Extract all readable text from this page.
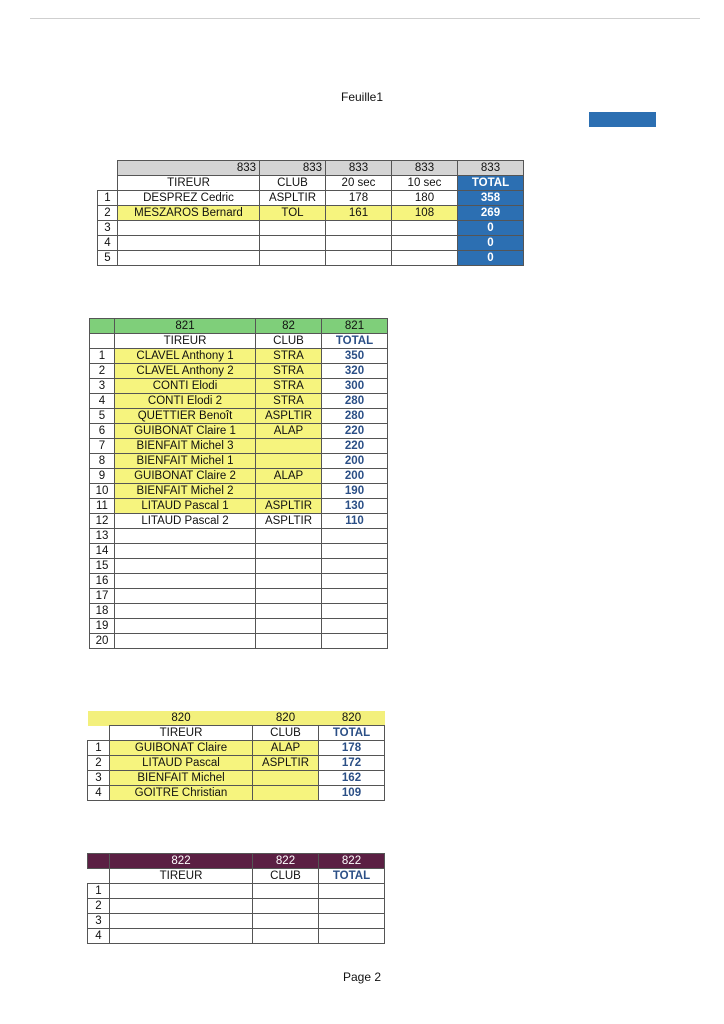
Feuille1
	833	833	833	833	833
	TIREUR	CLUB	20 sec	10 sec	TOTAL
1	DESPREZ Cedric	ASPLTIR	178	180	358
2	MESZAROS Bernard	TOL	161	108	269
3					0
4					0
5					0
	821	82	821
	TIREUR	CLUB	TOTAL
1	CLAVEL Anthony 1	STRA	350
2	CLAVEL Anthony 2	STRA	320
3	CONTI Elodi	STRA	300
4	CONTI Elodi 2	STRA	280
5	QUETTIER Benoît	ASPLTIR	280
6	GUIBONAT Claire 1	ALAP	220
7	BIENFAIT Michel 3		220
8	BIENFAIT Michel 1		200
9	GUIBONAT Claire 2	ALAP	200
10	BIENFAIT Michel 2		190
11	LITAUD Pascal 1	ASPLTIR	130
12	LITAUD Pascal 2	ASPLTIR	110
13			
14			
15			
16			
17			
18			
19			
20			
	820	820	820
	TIREUR	CLUB	TOTAL
1	GUIBONAT Claire	ALAP	178
2	LITAUD Pascal	ASPLTIR	172
3	BIENFAIT Michel		162
4	GOITRE Christian		109
	822	822	822
	TIREUR	CLUB	TOTAL
1			
2			
3			
4			
Page 2
